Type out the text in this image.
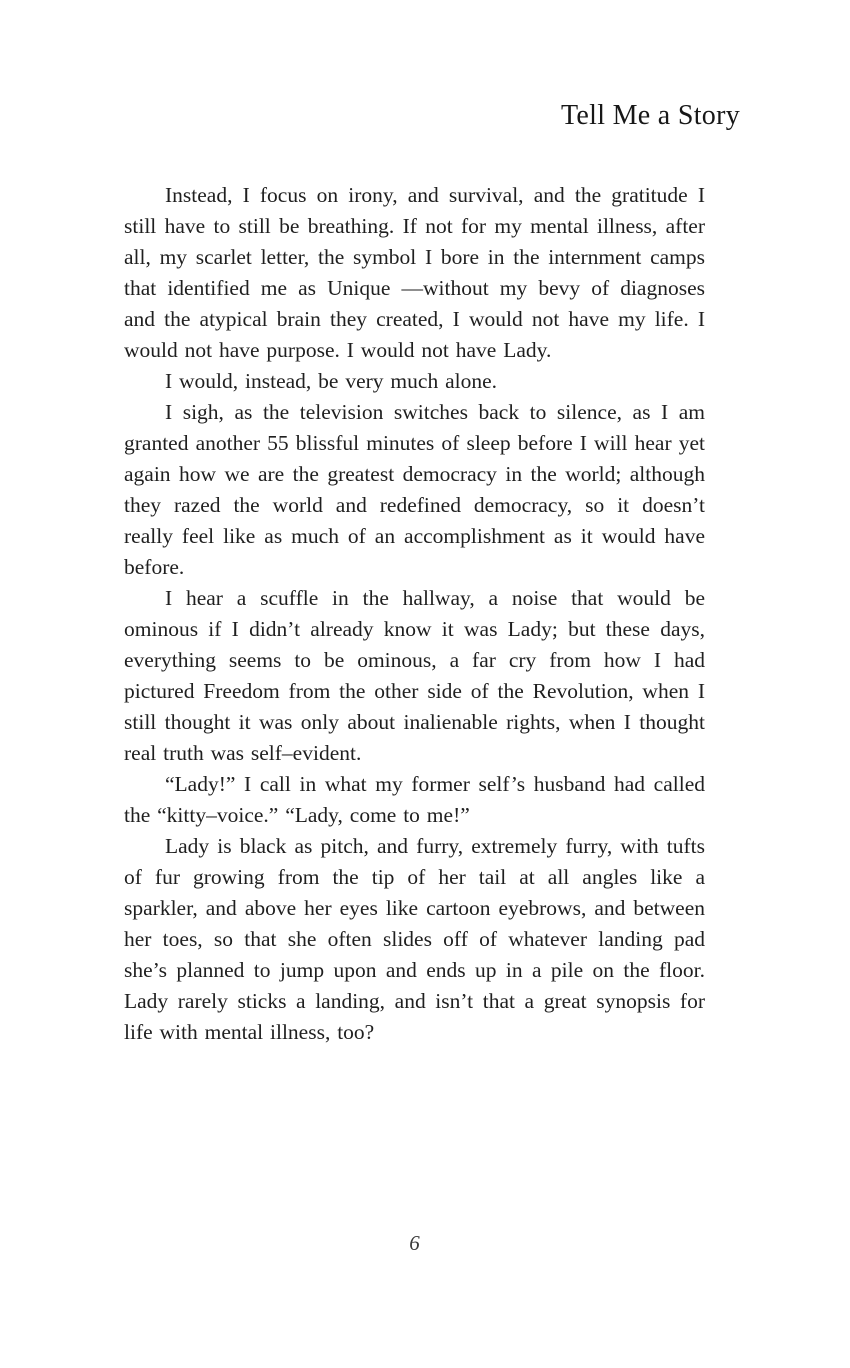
Tell Me a Story

Instead, I focus on irony, and survival, and the gratitude I still have to still be breathing. If not for my mental illness, after all, my scarlet letter, the symbol I bore in the internment camps that identified me as Unique —without my bevy of diagnoses and the atypical brain they created, I would not have my life. I would not have purpose. I would not have Lady.

I would, instead, be very much alone.

I sigh, as the television switches back to silence, as I am granted another 55 blissful minutes of sleep before I will hear yet again how we are the greatest democracy in the world; although they razed the world and redefined democracy, so it doesn’t really feel like as much of an accomplishment as it would have before.

I hear a scuffle in the hallway, a noise that would be ominous if I didn’t already know it was Lady; but these days, everything seems to be ominous, a far cry from how I had pictured Freedom from the other side of the Revolution, when I still thought it was only about inalienable rights, when I thought real truth was self–evident.

“Lady!” I call in what my former self’s husband had called the “kitty–voice.” “Lady, come to me!”

Lady is black as pitch, and furry, extremely furry, with tufts of fur growing from the tip of her tail at all angles like a sparkler, and above her eyes like cartoon eyebrows, and between her toes, so that she often slides off of whatever landing pad she’s planned to jump upon and ends up in a pile on the floor. Lady rarely sticks a landing, and isn’t that a great synopsis for life with mental illness, too?

6
